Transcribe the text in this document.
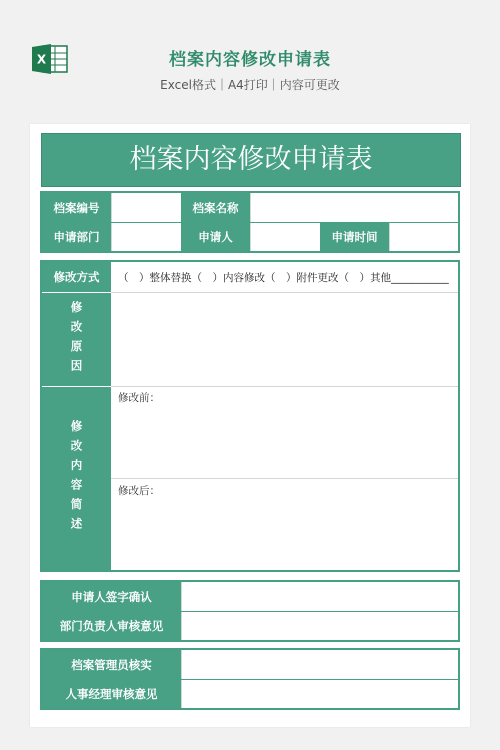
X	档案内容修改申请表
Excel格式｜A4打印｜内容可更改
档案内容修改申请表
档案编号	档案名称
申请部门	申请人	申请时间
修改方式	（　）整体替换（　）内容修改（　）附件更改（　）其他___________
修改原因
修改内容简述
修改前：
修改后：
申请人签字确认
部门负责人审核意见
档案管理员核实
人事经理审核意见
